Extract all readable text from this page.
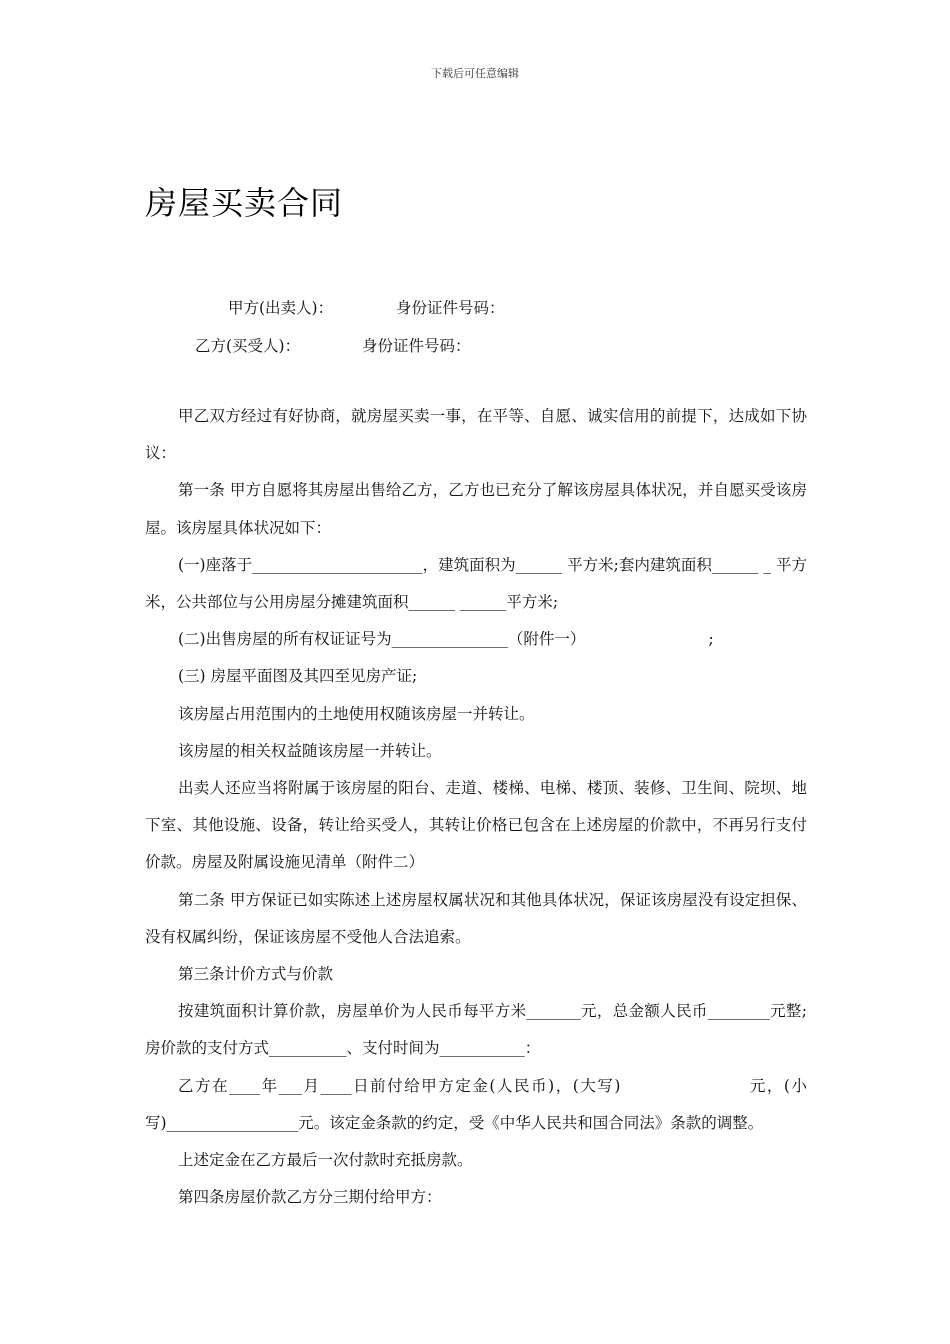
下载后可任意编辑
房屋买卖合同
甲方(出卖人)：	身份证件号码：
乙方(买受人)：	身份证件号码：

甲乙双方经过有好协商，就房屋买卖一事，在平等、自愿、诚实信用的前提下，达成如下协议：

第一条 甲方自愿将其房屋出售给乙方，乙方也已充分了解该房屋具体状况，并自愿买受该房屋。该房屋具体状况如下：

(一)座落于______________________，建筑面积为______ 平方米;套内建筑面积______ _ 平方米，公共部位与公用房屋分摊建筑面积______ ______平方米;

(二)出售房屋的所有权证证号为_______________（附件一）                         ;

(三) 房屋平面图及其四至见房产证;

该房屋占用范围内的土地使用权随该房屋一并转让。

该房屋的相关权益随该房屋一并转让。

出卖人还应当将附属于该房屋的阳台、走道、楼梯、电梯、楼顶、装修、卫生间、院坝、地下室、其他设施、设备，转让给买受人，其转让价格已包含在上述房屋的价款中，不再另行支付价款。房屋及附属设施见清单（附件二）

第二条 甲方保证已如实陈述上述房屋权属状况和其他具体状况，保证该房屋没有设定担保、没有权属纠纷，保证该房屋不受他人合法追索。

第三条计价方式与价款

按建筑面积计算价款，房屋单价为人民币每平方米_______元，总金额人民币________元整;房价款的支付方式__________、支付时间为___________：

乙方在____年___月____日前付给甲方定金(人民币)，(大写)                    元，(小写)_________________元。该定金条款的约定，受《中华人民共和国合同法》条款的调整。

上述定金在乙方最后一次付款时充抵房款。

第四条房屋价款乙方分三期付给甲方：
